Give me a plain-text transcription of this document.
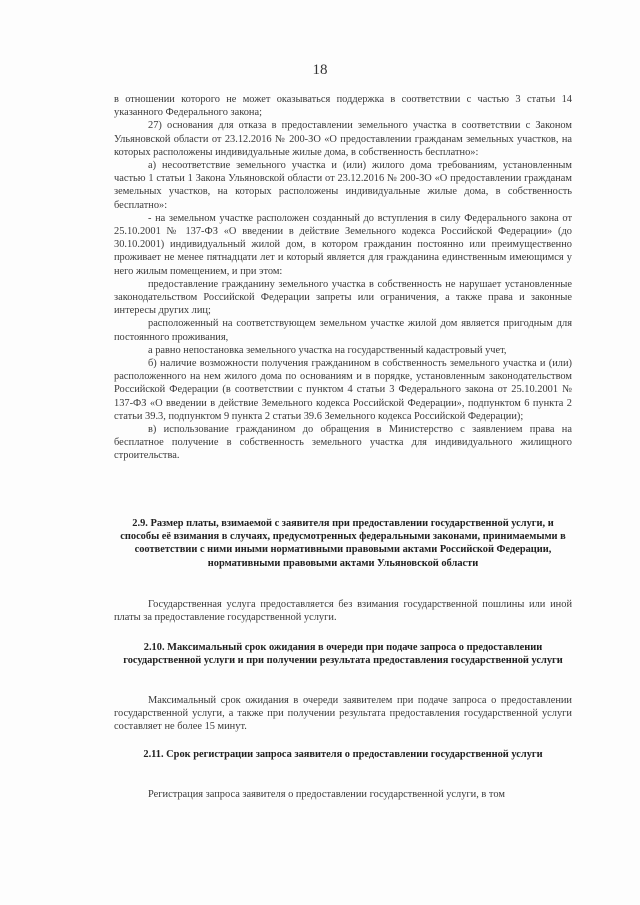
18

в отношении которого не может оказываться поддержка в соответствии с частью 3 статьи 14 указанного Федерального закона;

27) основания для отказа в предоставлении земельного участка в соответствии с Законом Ульяновской области от 23.12.2016 № 200-ЗО «О предоставлении гражданам земельных участков, на которых расположены индивидуальные жилые дома, в собственность бесплатно»:

а) несоответствие земельного участка и (или) жилого дома требованиям, установленным частью 1 статьи 1 Закона Ульяновской области от 23.12.2016 № 200-ЗО «О предоставлении гражданам земельных участков, на которых расположены индивидуальные жилые дома, в собственность бесплатно»:

- на земельном участке расположен созданный до вступления в силу Федерального закона от 25.10.2001 № 137-ФЗ «О введении в действие Земельного кодекса Российской Федерации» (до 30.10.2001) индивидуальный жилой дом, в котором гражданин постоянно или преимущественно проживает не менее пятнадцати лет и который является для гражданина единственным имеющимся у него жилым помещением, и при этом:

предоставление гражданину земельного участка в собственность не нарушает установленные законодательством Российской Федерации запреты или ограничения, а также права и законные интересы других лиц;

расположенный на соответствующем земельном участке жилой дом является пригодным для постоянного проживания,

а равно непостановка земельного участка на государственный кадастровый учет,

б) наличие возможности получения гражданином в собственность земельного участка и (или) расположенного на нем жилого дома по основаниям и в порядке, установленным законодательством Российской Федерации (в соответствии с пунктом 4 статьи 3 Федерального закона от 25.10.2001 № 137-ФЗ «О введении в действие Земельного кодекса Российской Федерации», подпунктом 6 пункта 2 статьи 39.3, подпунктом 9 пункта 2 статьи 39.6 Земельного кодекса Российской Федерации);

в) использование гражданином до обращения в Министерство с заявлением права на бесплатное получение в собственность земельного участка для индивидуального жилищного строительства.

2.9. Размер платы, взимаемой с заявителя при предоставлении государственной услуги, и способы её взимания в случаях, предусмотренных федеральными законами, принимаемыми в соответствии с ними иными нормативными правовыми актами Российской Федерации, нормативными правовыми актами Ульяновской области

Государственная услуга предоставляется без взимания государственной пошлины или иной платы за предоставление государственной услуги.

2.10. Максимальный срок ожидания в очереди при подаче запроса о предоставлении государственной услуги и при получении результата предоставления государственной услуги

Максимальный срок ожидания в очереди заявителем при подаче запроса о предоставлении государственной услуги, а также при получении результата предоставления государственной услуги составляет не более 15 минут.

2.11. Срок регистрации запроса заявителя о предоставлении государственной услуги

Регистрация запроса заявителя о предоставлении государственной услуги, в том
